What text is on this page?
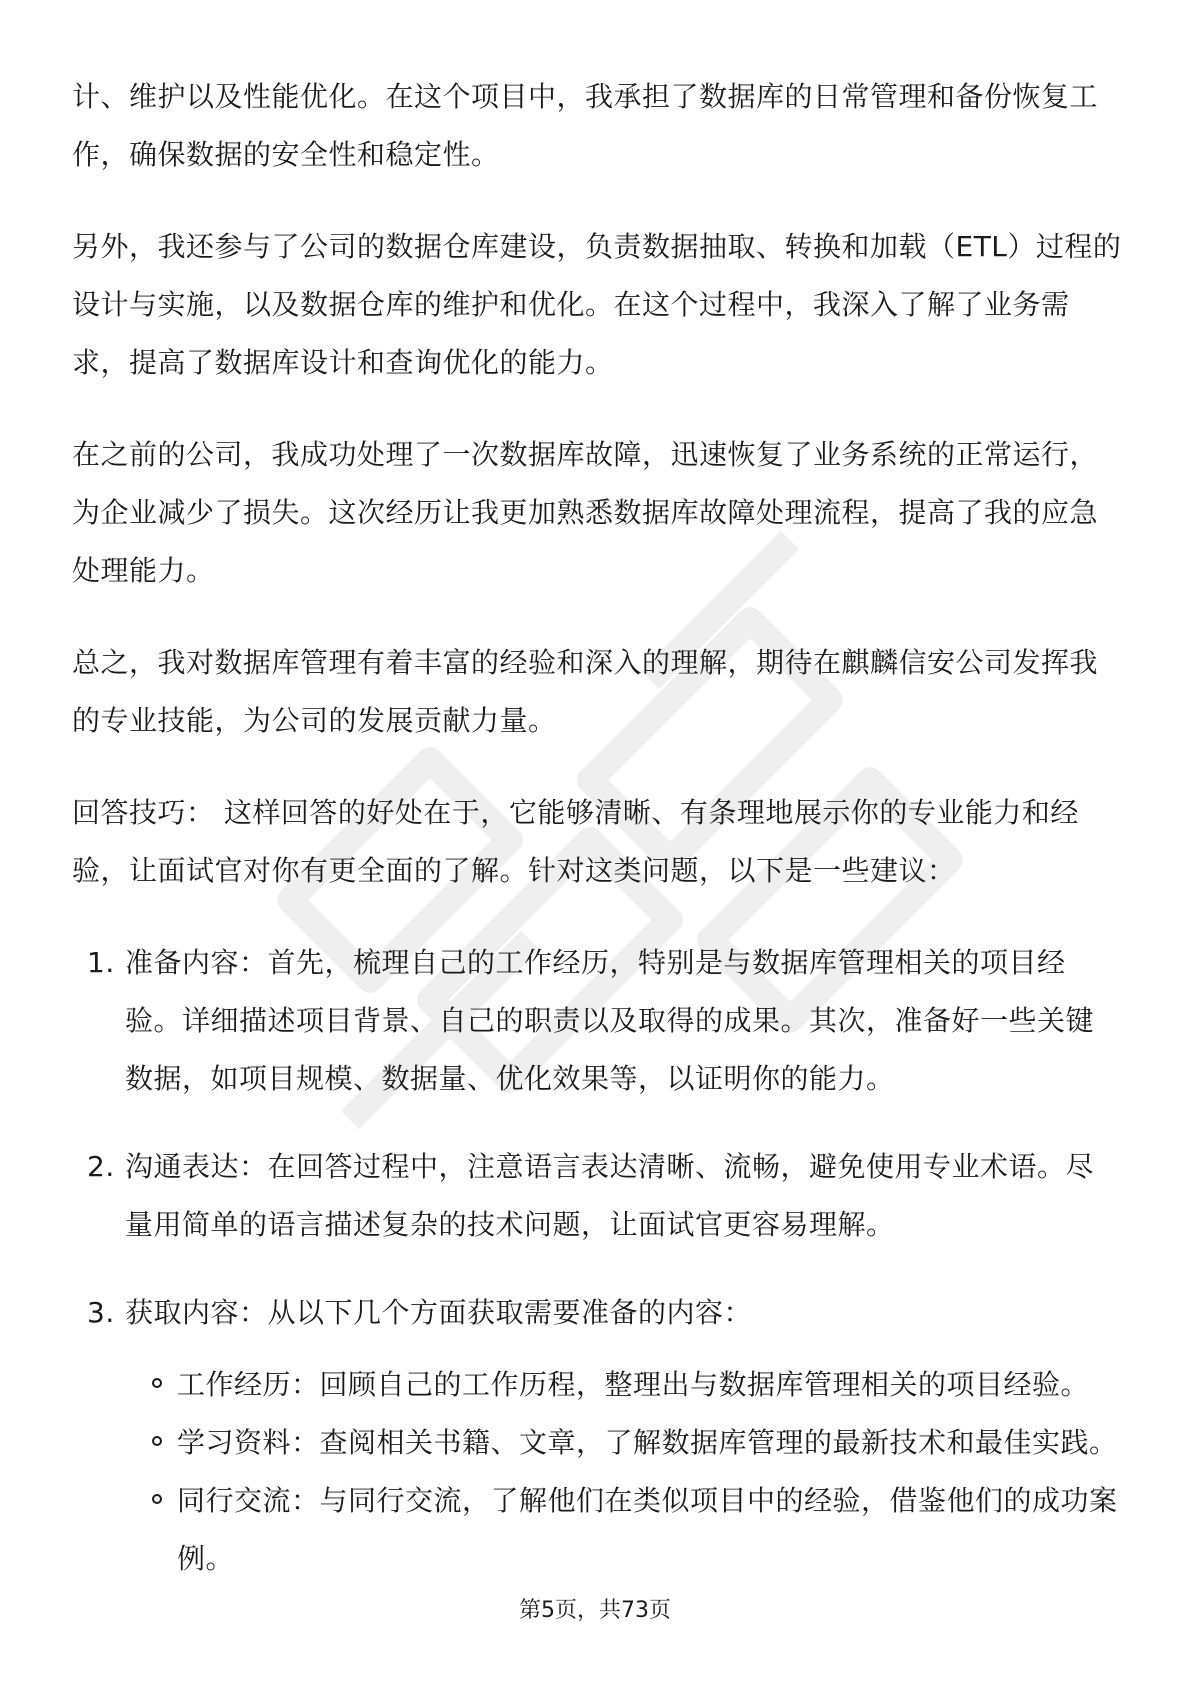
计、维护以及性能优化。在这个项目中，我承担了数据库的日常管理和备份恢复工作，确保数据的安全性和稳定性。

另外，我还参与了公司的数据仓库建设，负责数据抽取、转换和加载（ETL）过程的设计与实施，以及数据仓库的维护和优化。在这个过程中，我深入了解了业务需求，提高了数据库设计和查询优化的能力。

在之前的公司，我成功处理了一次数据库故障，迅速恢复了业务系统的正常运行，为企业减少了损失。这次经历让我更加熟悉数据库故障处理流程，提高了我的应急处理能力。

总之，我对数据库管理有着丰富的经验和深入的理解，期待在麒麟信安公司发挥我的专业技能，为公司的发展贡献力量。

回答技巧： 这样回答的好处在于，它能够清晰、有条理地展示你的专业能力和经验，让面试官对你有更全面的了解。针对这类问题，以下是一些建议：

1. 准备内容：首先，梳理自己的工作经历，特别是与数据库管理相关的项目经验。详细描述项目背景、自己的职责以及取得的成果。其次，准备好一些关键数据，如项目规模、数据量、优化效果等，以证明你的能力。
2. 沟通表达：在回答过程中，注意语言表达清晰、流畅，避免使用专业术语。尽量用简单的语言描述复杂的技术问题，让面试官更容易理解。
3. 获取内容：从以下几个方面获取需要准备的内容：
工作经历：回顾自己的工作历程，整理出与数据库管理相关的项目经验。
学习资料：查阅相关书籍、文章，了解数据库管理的最新技术和最佳实践。
同行交流：与同行交流，了解他们在类似项目中的经验，借鉴他们的成功案例。
第5页，共73页
